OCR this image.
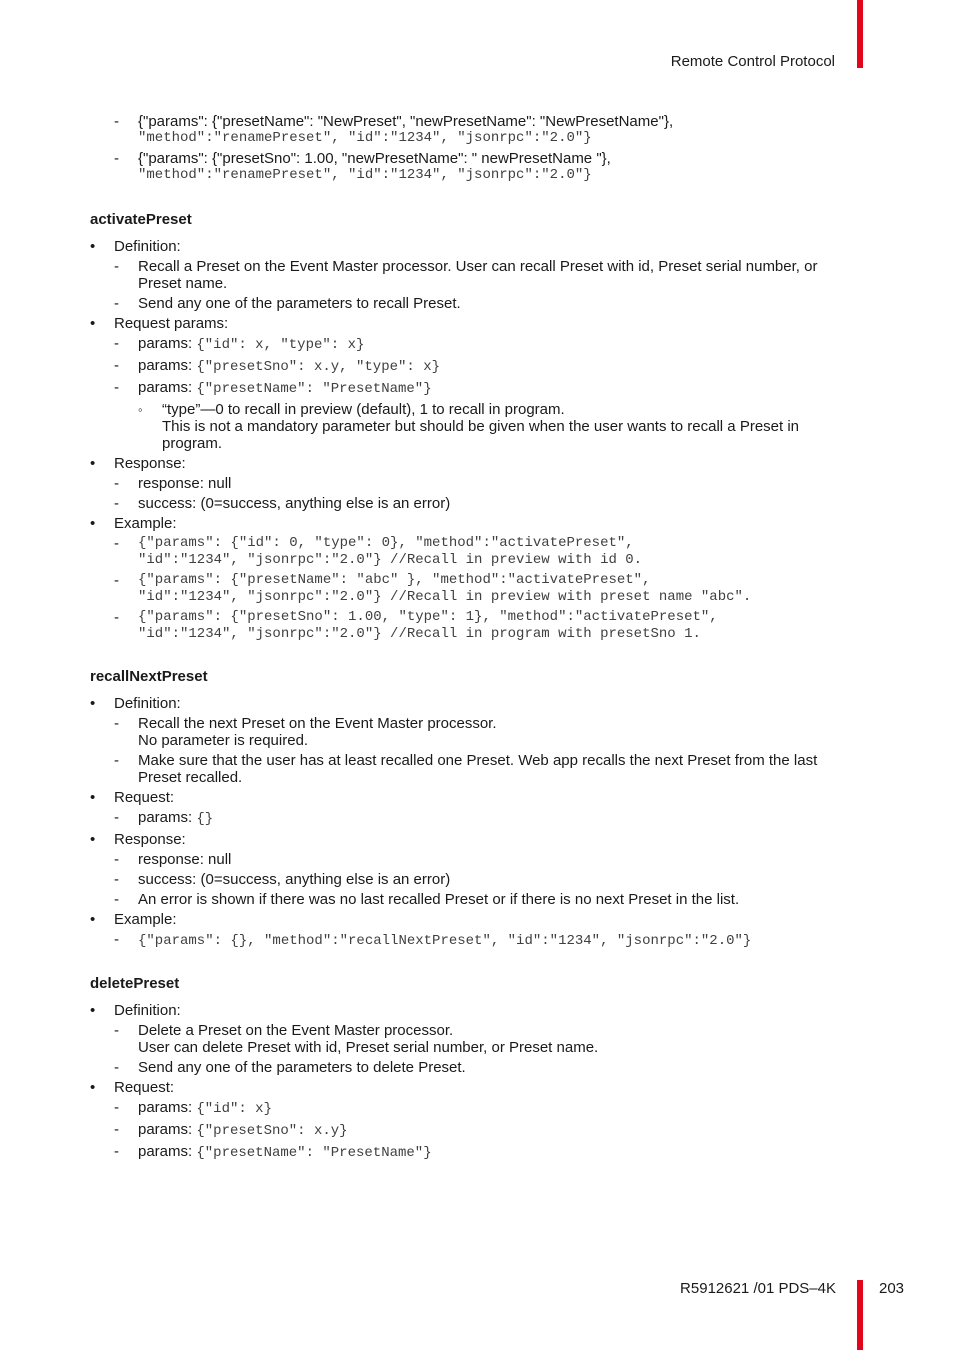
Remote Control Protocol
- {"params": {"presetName": "NewPreset", "newPresetName": "NewPresetName"},
"method":"renamePreset", "id":"1234", "jsonrpc":"2.0"}
- {"params": {"presetSno": 1.00, "newPresetName": " newPresetName "},
"method":"renamePreset", "id":"1234", "jsonrpc":"2.0"}
activatePreset
• Definition:
- Recall a Preset on the Event Master processor. User can recall Preset with id, Preset serial number, or Preset name.
- Send any one of the parameters to recall Preset.
• Request params:
- params: {"id": x, "type": x}
- params: {"presetSno": x.y, "type": x}
- params: {"presetName": "PresetName"}
◦ “type”—0 to recall in preview (default), 1 to recall in program.
This is not a mandatory parameter but should be given when the user wants to recall a Preset in program.
• Response:
- response: null
- success: (0=success, anything else is an error)
• Example:
- {"params": {"id": 0, "type": 0}, "method":"activatePreset",
"id":"1234", "jsonrpc":"2.0"} //Recall in preview with id 0.
- {"params": {"presetName": "abc" }, "method":"activatePreset",
"id":"1234", "jsonrpc":"2.0"} //Recall in preview with preset name "abc".
- {"params": {"presetSno": 1.00, "type": 1}, "method":"activatePreset",
"id":"1234", "jsonrpc":"2.0"} //Recall in program with presetSno 1.
recallNextPreset
• Definition:
- Recall the next Preset on the Event Master processor.
No parameter is required.
- Make sure that the user has at least recalled one Preset. Web app recalls the next Preset from the last Preset recalled.
• Request:
- params: {}
• Response:
- response: null
- success: (0=success, anything else is an error)
- An error is shown if there was no last recalled Preset or if there is no next Preset in the list.
• Example:
- {"params": {}, "method":"recallNextPreset", "id":"1234", "jsonrpc":"2.0"}
deletePreset
• Definition:
- Delete a Preset on the Event Master processor.
User can delete Preset with id, Preset serial number, or Preset name.
- Send any one of the parameters to delete Preset.
• Request:
- params: {"id": x}
- params: {"presetSno": x.y}
- params: {"presetName": "PresetName"}
R5912621 /01 PDS–4K	203
